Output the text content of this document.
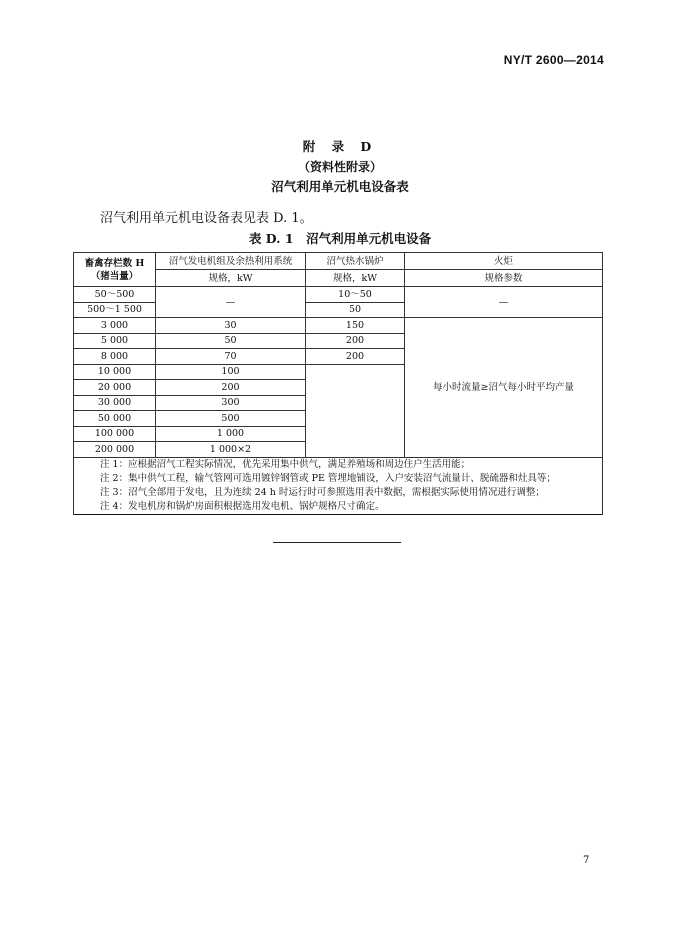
NY/T 2600—2014
附 录 D
（资料性附录）
沼气利用单元机电设备表
沼气利用单元机电设备表见表 D. 1。
表 D. 1　沼气利用单元机电设备
畜禽存栏数 H
（猪当量）	沼气发电机组及余热利用系统	沼气热水锅炉	火炬
	规格，kW	规格，kW	规格参数
50～500	—	10～50	—
500～1 500		50	
3 000	30	150	每小时流量≥沼气每小时平均产量
5 000	50	200	
8 000	70	200	
10 000	100		
20 000	200		
30 000	300		
50 000	500		
100 000	1 000		
200 000	1 000×2		
注 1：应根据沼气工程实际情况，优先采用集中供气，满足养殖场和周边住户生活用能；			
注 2：集中供气工程，输气管网可选用镀锌钢管或 PE 管埋地铺设，入户安装沼气流量计、脱硫器和灶具等；			
注 3：沼气全部用于发电，且为连续 24 h 时运行时可参照选用表中数据，需根据实际使用情况进行调整；			
注 4：发电机房和锅炉房面积根据选用发电机、锅炉规格尺寸确定。			
7
